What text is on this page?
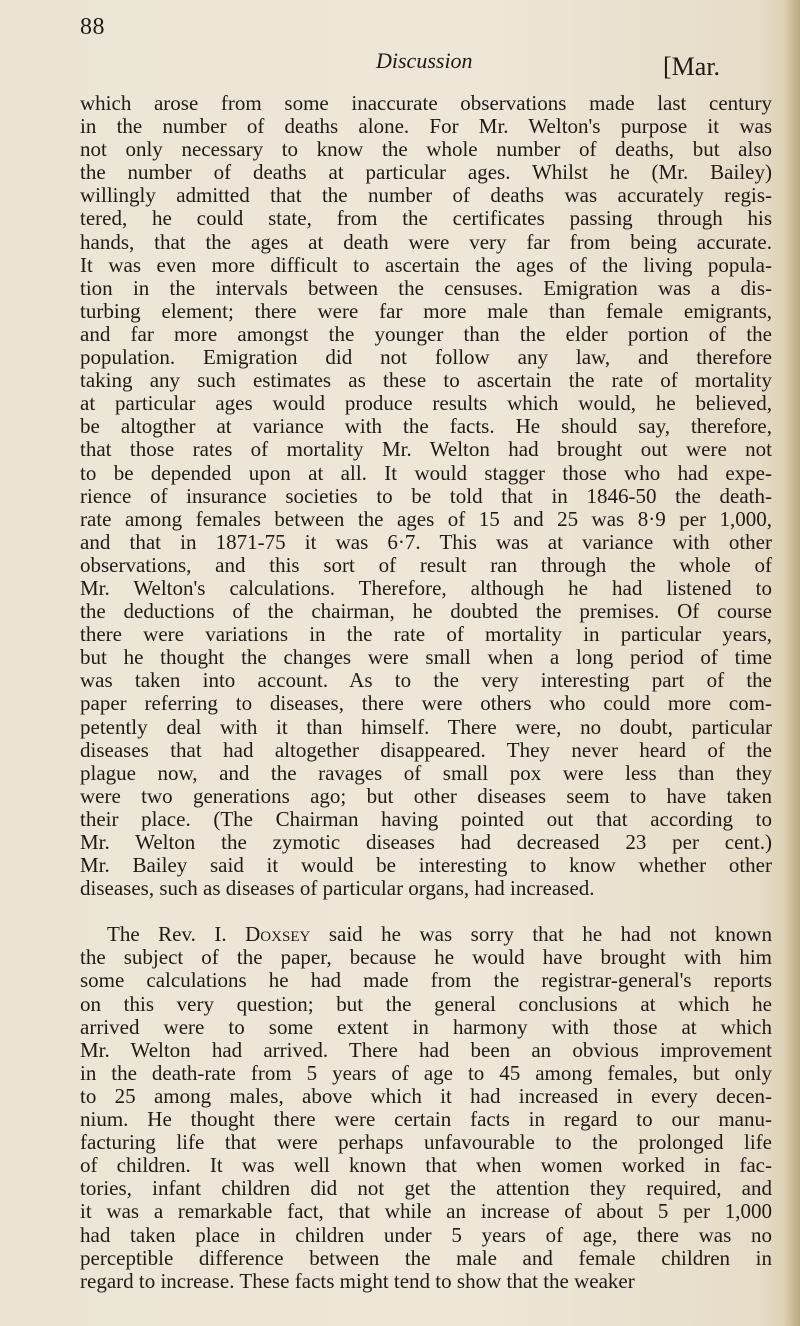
88
Discussion	[Mar.

which arose from some inaccurate observations made last century
in the number of deaths alone. For Mr. Welton's purpose it was
not only necessary to know the whole number of deaths, but also
the number of deaths at particular ages. Whilst he (Mr. Bailey)
willingly admitted that the number of deaths was accurately regis-
tered, he could state, from the certificates passing through his
hands, that the ages at death were very far from being accurate.
It was even more difficult to ascertain the ages of the living popula-
tion in the intervals between the censuses. Emigration was a dis-
turbing element; there were far more male than female emigrants,
and far more amongst the younger than the elder portion of the
population. Emigration did not follow any law, and therefore
taking any such estimates as these to ascertain the rate of mortality
at particular ages would produce results which would, he believed,
be altogther at variance with the facts. He should say, therefore,
that those rates of mortality Mr. Welton had brought out were not
to be depended upon at all. It would stagger those who had expe-
rience of insurance societies to be told that in 1846-50 the death-
rate among females between the ages of 15 and 25 was 8·9 per 1,000,
and that in 1871-75 it was 6·7. This was at variance with other
observations, and this sort of result ran through the whole of
Mr. Welton's calculations. Therefore, although he had listened to
the deductions of the chairman, he doubted the premises. Of course
there were variations in the rate of mortality in particular years,
but he thought the changes were small when a long period of time
was taken into account. As to the very interesting part of the
paper referring to diseases, there were others who could more com-
petently deal with it than himself. There were, no doubt, particular
diseases that had altogether disappeared. They never heard of the
plague now, and the ravages of small pox were less than they
were two generations ago; but other diseases seem to have taken
their place. (The Chairman having pointed out that according to
Mr. Welton the zymotic diseases had decreased 23 per cent.)
Mr. Bailey said it would be interesting to know whether other
diseases, such as diseases of particular organs, had increased.

The Rev. I. Doxsey said he was sorry that he had not known
the subject of the paper, because he would have brought with him
some calculations he had made from the registrar-general's reports
on this very question; but the general conclusions at which he
arrived were to some extent in harmony with those at which
Mr. Welton had arrived. There had been an obvious improvement
in the death-rate from 5 years of age to 45 among females, but only
to 25 among males, above which it had increased in every decen-
nium. He thought there were certain facts in regard to our manu-
facturing life that were perhaps unfavourable to the prolonged life
of children. It was well known that when women worked in fac-
tories, infant children did not get the attention they required, and
it was a remarkable fact, that while an increase of about 5 per 1,000
had taken place in children under 5 years of age, there was no
perceptible difference between the male and female children in
regard to increase. These facts might tend to show that the weaker
